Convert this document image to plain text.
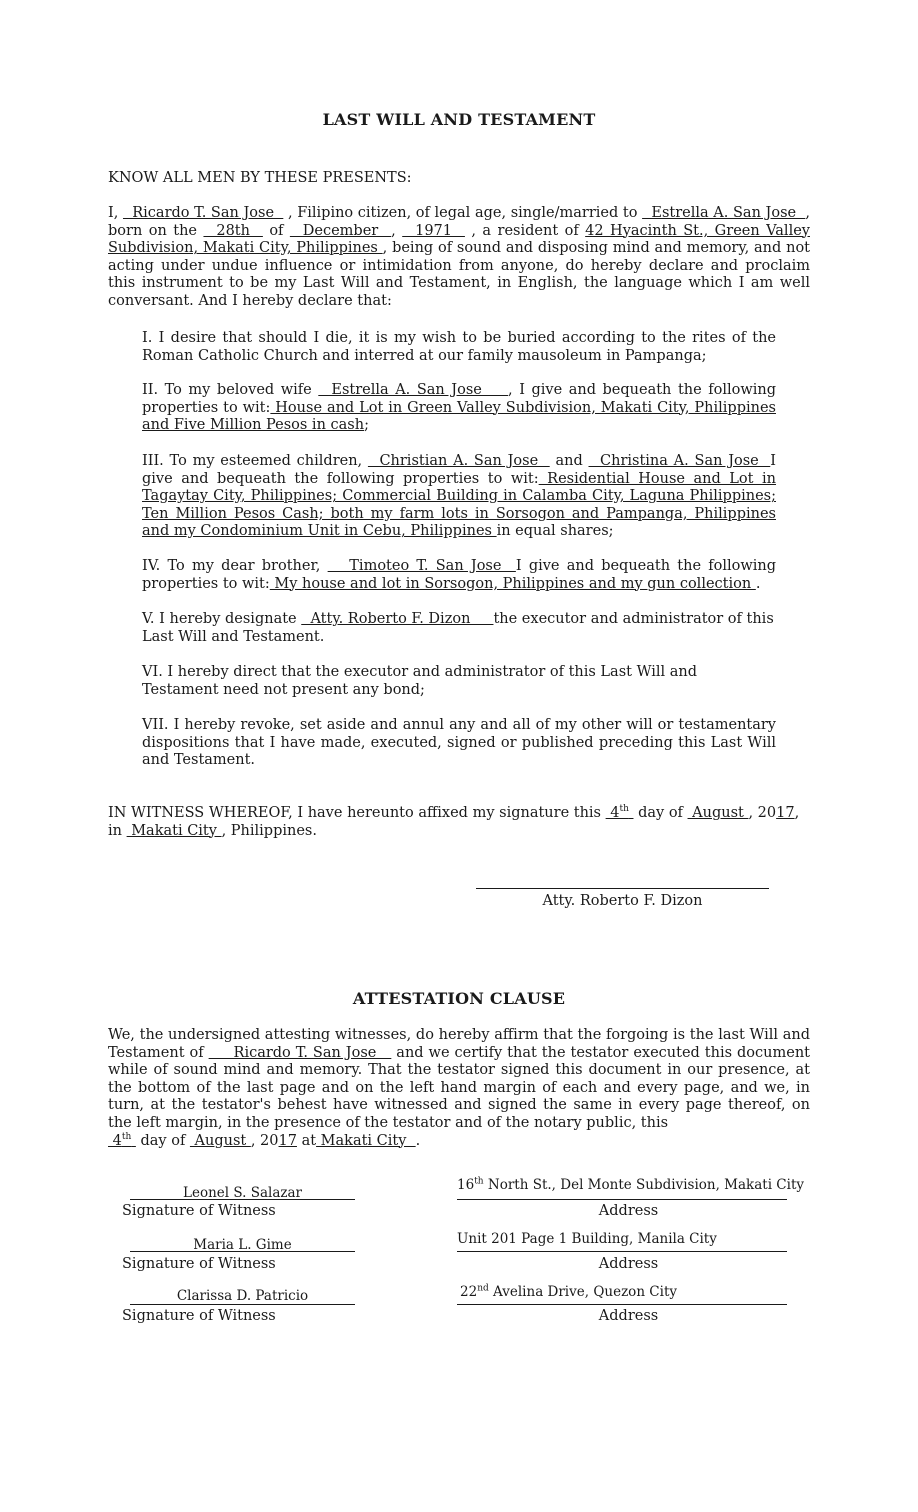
LAST WILL AND TESTAMENT
KNOW ALL MEN BY THESE PRESENTS:
I,   Ricardo T. San Jose   , Filipino citizen, of legal age, single/married to   Estrella A. San Jose  , born on the   28th   of   December  ,   1971   , a resident of 42 Hyacinth St., Green Valley Subdivision, Makati City, Philippines , being of sound and disposing mind and memory, and not acting under undue influence or intimidation from anyone, do hereby declare and proclaim this instrument to be my Last Will and Testament, in English, the language which I am well conversant. And I hereby declare that:
I. I desire that should I die, it is my wish to be buried according to the rites of the Roman Catholic Church and interred at our family mausoleum in Pampanga;
II. To my beloved wife   Estrella A. San Jose    , I give and bequeath the following properties to wit: House and Lot in Green Valley Subdivision, Makati City, Philippines and Five Million Pesos in cash;
III. To my esteemed children,   Christian A. San Jose   and   Christina A. San Jose  I give and bequeath the following properties to wit: Residential House and Lot in Tagaytay City, Philippines; Commercial Building in Calamba City, Laguna Philippines; Ten Million Pesos Cash; both my farm lots in Sorsogon and Pampanga, Philippines and my Condominium Unit in Cebu, Philippines in equal shares;
IV. To my dear brother,    Timoteo T. San Jose  I give and bequeath the following properties to wit: My house and lot in Sorsogon, Philippines and my gun collection .
V. I hereby designate   Atty. Roberto F. Dizon     the executor and administrator of this Last Will and Testament.
VI. I hereby direct that the executor and administrator of this Last Will and Testament need not present any bond;
VII. I hereby revoke, set aside and annul any and all of my other will or testamentary dispositions that I have made, executed, signed or published preceding this Last Will and Testament.
IN WITNESS WHEREOF, I have hereunto affixed my signature this  4th  day of  August , 2017,
in  Makati City , Philippines.
Atty. Roberto F. Dizon
ATTESTATION CLAUSE
We, the undersigned attesting witnesses, do hereby affirm that the forgoing is the last Will and Testament of      Ricardo T. San Jose    and we certify that the testator executed this document while of sound mind and memory. That the testator signed this document in our presence, at the bottom of the last page and on the left hand margin of each and every page, and we, in turn, at the testator's behest have witnessed and signed the same in every page thereof, on the left margin, in the presence of the testator and of the notary public, this
4th  day of  August , 2017 at Makati City  .
Leonel S. Salazar
Signature of Witness
16th North St., Del Monte Subdivision, Makati City
Address
Maria L. Gime
Signature of Witness
Unit 201 Page 1 Building, Manila City
Address
Clarissa D. Patricio
Signature of Witness
22nd Avelina Drive, Quezon City
Address
